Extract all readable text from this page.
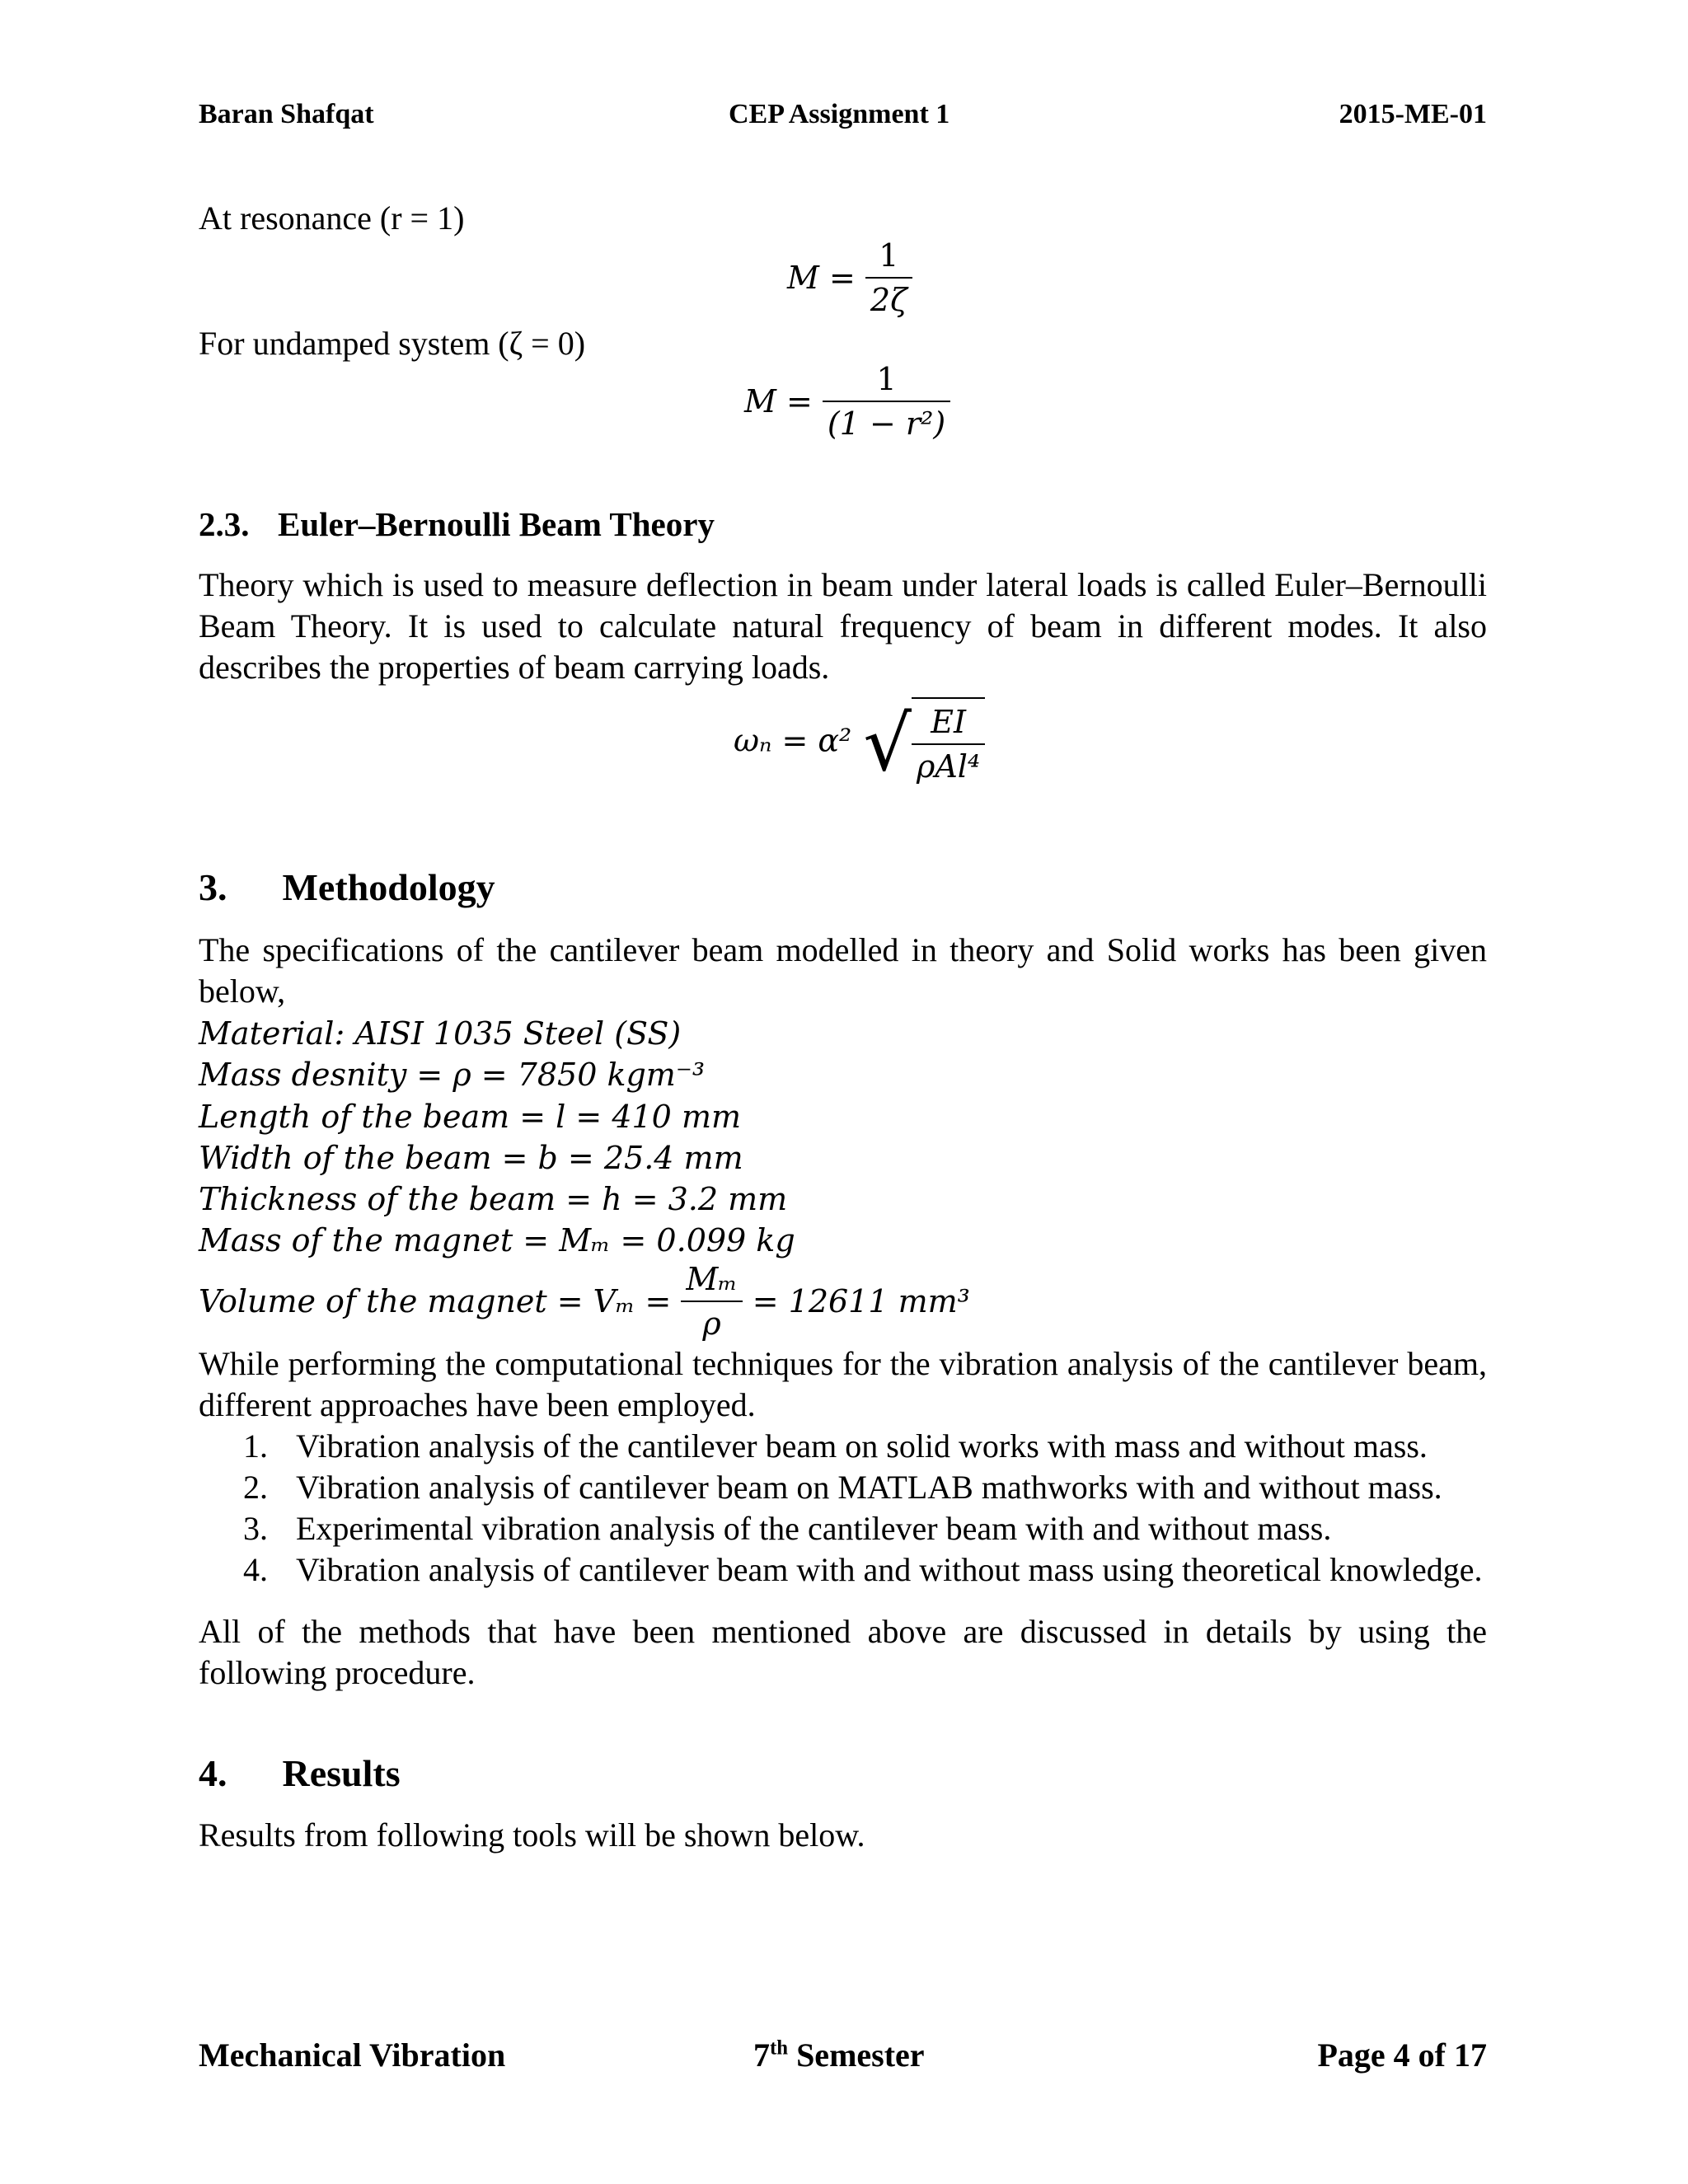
Baran Shafqat	CEP Assignment 1	2015-ME-01
At resonance (r = 1)
$M = \frac{1}{2\zeta}$
For undamped system (ζ = 0)
$M = \frac{1}{\text{(1 − r²)}}$
2.3. Euler–Bernoulli Beam Theory
Theory which is used to measure deflection in beam under lateral loads is called Euler–Bernoulli Beam Theory. It is used to calculate natural frequency of beam in different modes. It also describes the properties of beam carrying loads.
ωₙ = α² √ $\frac{EI}{\text{ρAl⁴}}$
3. Methodology
The specifications of the cantilever beam modelled in theory and Solid works has been given below,
Material: AISI 1035 Steel (SS)
Mass desnity = ρ = 7850 kgm⁻³
Length of the beam = l = 410 mm
Width of the beam = b = 25.4 mm
Thickness of the beam = h = 3.2 mm
Mass of the magnet = Mₘ = 0.099 kg
Volume of the magnet = $V_m = \frac{\text{Mₘ}}{\rho} = 12611$ mm³
While performing the computational techniques for the vibration analysis of the cantilever beam, different approaches have been employed.
1. Vibration analysis of the cantilever beam on solid works with mass and without mass.
2. Vibration analysis of cantilever beam on MATLAB mathworks with and without mass.
3. Experimental vibration analysis of the cantilever beam with and without mass.
4. Vibration analysis of cantilever beam with and without mass using theoretical knowledge.
All of the methods that have been mentioned above are discussed in details by using the following procedure.
4. Results
Results from following tools will be shown below.
Mechanical Vibration	7th Semester	Page 4 of 17
